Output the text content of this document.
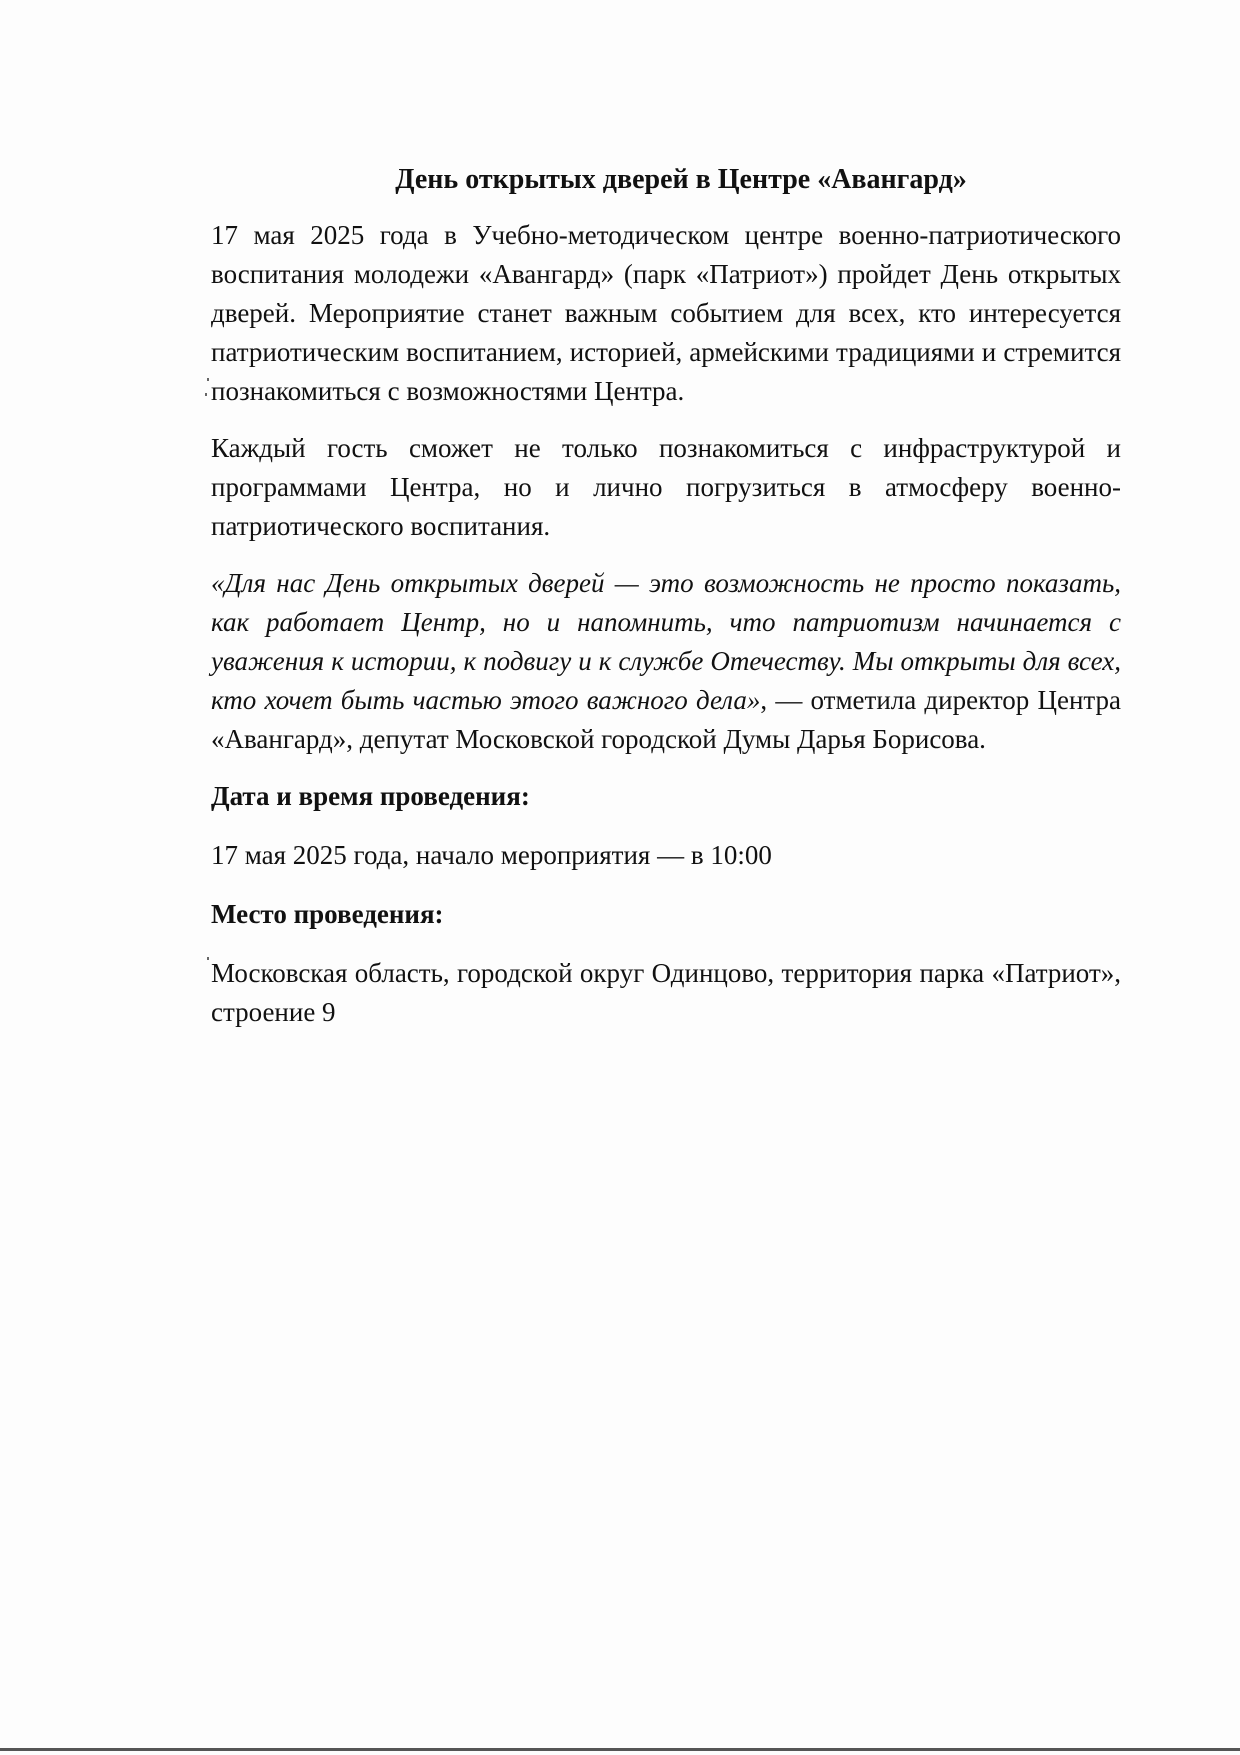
День открытых дверей в Центре «Авангард»

17 мая 2025 года в Учебно-методическом центре военно-патриотического воспитания молодежи «Авангард» (парк «Патриот») пройдет День открытых дверей. Мероприятие станет важным событием для всех, кто интересуется патриотическим воспитанием, историей, армейскими традициями и стремится познакомиться с возможностями Центра.

Каждый гость сможет не только познакомиться с инфраструктурой и программами Центра, но и лично погрузиться в атмосферу военно-патриотического воспитания.

«Для нас День открытых дверей — это возможность не просто показать, как работает Центр, но и напомнить, что патриотизм начинается с уважения к истории, к подвигу и к службе Отечеству. Мы открыты для всех, кто хочет быть частью этого важного дела», — отметила директор Центра «Авангард», депутат Московской городской Думы Дарья Борисова.

Дата и время проведения:
17 мая 2025 года, начало мероприятия — в 10:00
Место проведения:

Московская область, городской округ Одинцово, территория парка «Патриот», строение 9
